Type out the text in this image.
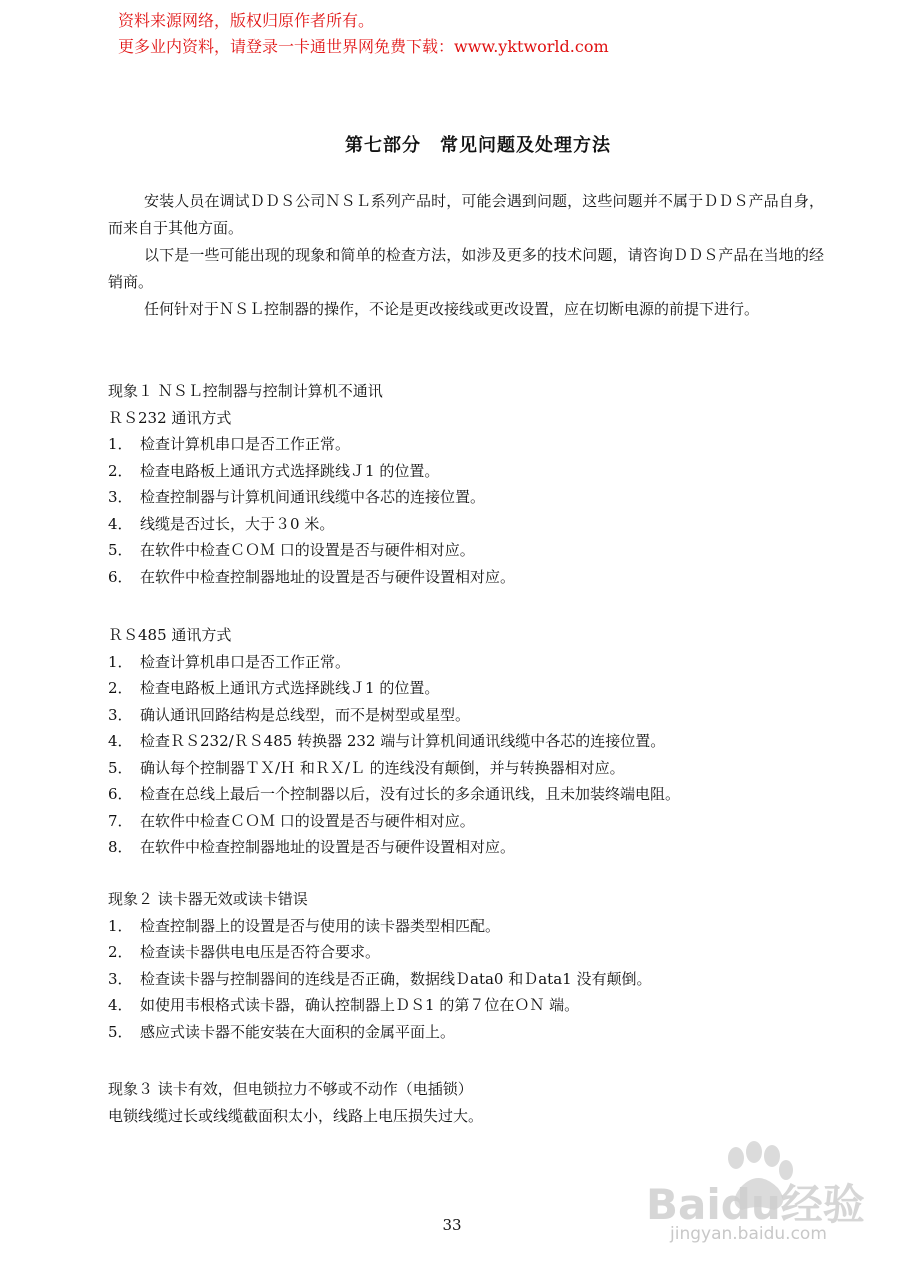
资料来源网络，版权归原作者所有。
更多业内资料，请登录一卡通世界网免费下载：www.yktworld.com
第七部分　常见问题及处理方法

安装人员在调试ＤＤＳ公司ＮＳＬ系列产品时，可能会遇到问题，这些问题并不属于ＤＤＳ产品自身，而来自于其他方面。

以下是一些可能出现的现象和简单的检查方法，如涉及更多的技术问题，请咨询ＤＤＳ产品在当地的经销商。

任何针对于ＮＳＬ控制器的操作，不论是更改接线或更改设置，应在切断电源的前提下进行。

现象１ ＮＳＬ控制器与控制计算机不通讯
ＲＳ232 通讯方式
1． 检查计算机串口是否工作正常。
2． 检查电路板上通讯方式选择跳线Ｊ1 的位置。
3． 检查控制器与计算机间通讯线缆中各芯的连接位置。
4． 线缆是否过长，大于３0 米。
5． 在软件中检查ＣＯＭ 口的设置是否与硬件相对应。
6． 在软件中检查控制器地址的设置是否与硬件设置相对应。
ＲＳ485 通讯方式
1． 检查计算机串口是否工作正常。
2． 检查电路板上通讯方式选择跳线Ｊ1 的位置。
3． 确认通讯回路结构是总线型，而不是树型或星型。
4． 检查ＲＳ232/ＲＳ485 转换器 232 端与计算机间通讯线缆中各芯的连接位置。
5． 确认每个控制器ＴＸ/Ｈ 和ＲＸ/Ｌ 的连线没有颠倒，并与转换器相对应。
6． 检查在总线上最后一个控制器以后，没有过长的多余通讯线，且未加装终端电阻。
7． 在软件中检查ＣＯＭ 口的设置是否与硬件相对应。
8． 在软件中检查控制器地址的设置是否与硬件设置相对应。
现象２ 读卡器无效或读卡错误
1． 检查控制器上的设置是否与使用的读卡器类型相匹配。
2． 检查读卡器供电电压是否符合要求。
3． 检查读卡器与控制器间的连线是否正确，数据线Ｄata0 和Ｄata1 没有颠倒。
4． 如使用韦根格式读卡器，确认控制器上ＤＳ1 的第７位在ＯＮ 端。
5． 感应式读卡器不能安装在大面积的金属平面上。
现象３ 读卡有效，但电锁拉力不够或不动作（电插锁）
电锁线缆过长或线缆截面积太小，线路上电压损失过大。
Baidu经验
jingyan.baidu.com
33
